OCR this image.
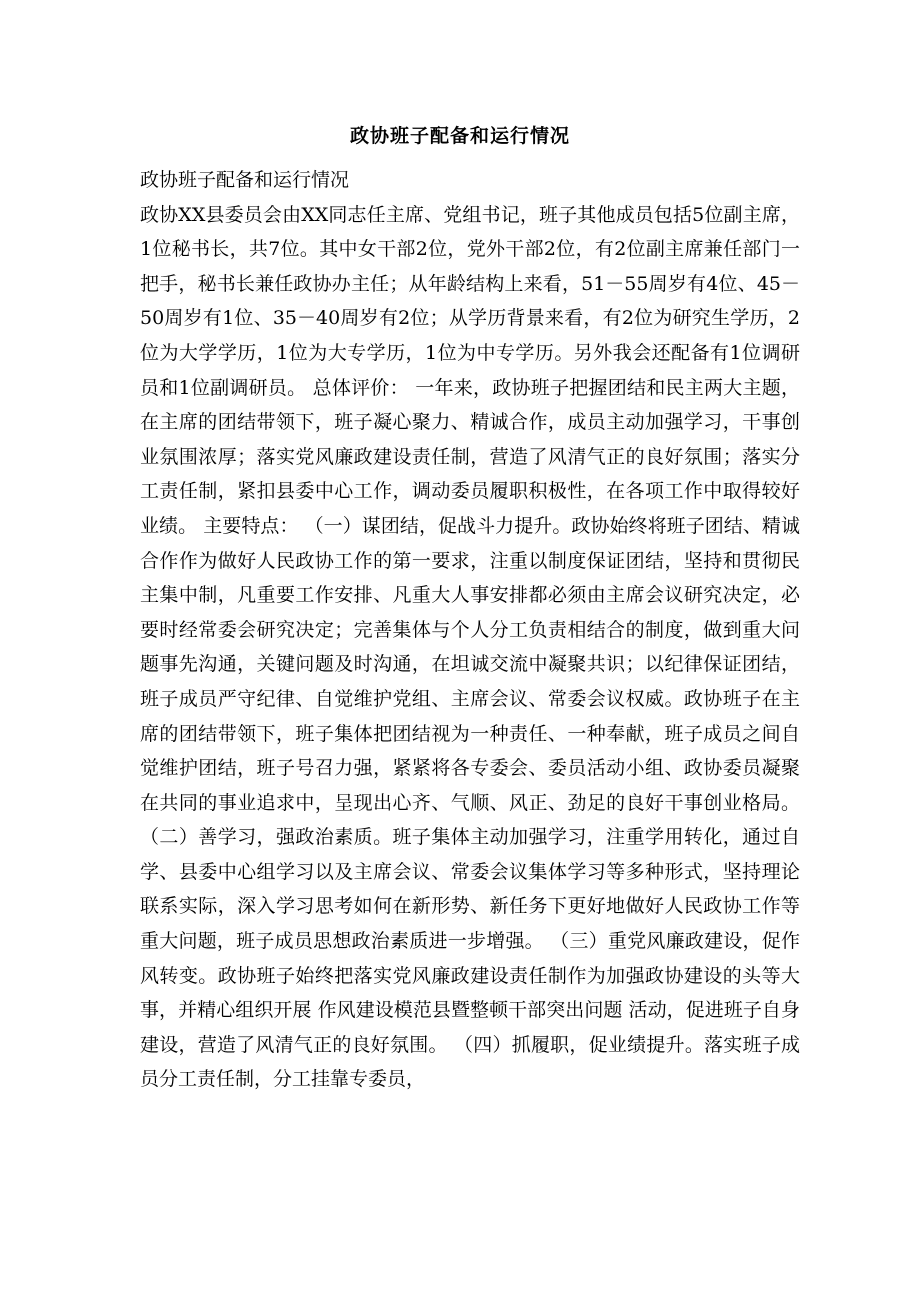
政协班子配备和运行情况

政协班子配备和运行情况

政协XX县委员会由XX同志任主席、党组书记，班子其他成员包括5位副主席，1位秘书长，共7位。其中女干部2位，党外干部2位，有2位副主席兼任部门一把手，秘书长兼任政协办主任；从年龄结构上来看，51－55周岁有4位、45－50周岁有1位、35－40周岁有2位；从学历背景来看，有2位为研究生学历，2位为大学学历，1位为大专学历，1位为中专学历。另外我会还配备有1位调研员和1位副调研员。 总体评价： 一年来，政协班子把握团结和民主两大主题，在主席的团结带领下，班子凝心聚力、精诚合作，成员主动加强学习，干事创业氛围浓厚；落实党风廉政建设责任制，营造了风清气正的良好氛围；落实分工责任制，紧扣县委中心工作，调动委员履职积极性，在各项工作中取得较好业绩。 主要特点： （一）谋团结，促战斗力提升。政协始终将班子团结、精诚合作作为做好人民政协工作的第一要求，注重以制度保证团结，坚持和贯彻民主集中制，凡重要工作安排、凡重大人事安排都必须由主席会议研究决定，必要时经常委会研究决定；完善集体与个人分工负责相结合的制度，做到重大问题事先沟通，关键问题及时沟通，在坦诚交流中凝聚共识；以纪律保证团结，班子成员严守纪律、自觉维护党组、主席会议、常委会议权威。政协班子在主席的团结带领下，班子集体把团结视为一种责任、一种奉献，班子成员之间自觉维护团结，班子号召力强，紧紧将各专委会、委员活动小组、政协委员凝聚在共同的事业追求中，呈现出心齐、气顺、风正、劲足的良好干事创业格局。 （二）善学习，强政治素质。班子集体主动加强学习，注重学用转化，通过自学、县委中心组学习以及主席会议、常委会议集体学习等多种形式，坚持理论联系实际，深入学习思考如何在新形势、新任务下更好地做好人民政协工作等重大问题，班子成员思想政治素质进一步增强。 （三）重党风廉政建设，促作风转变。政协班子始终把落实党风廉政建设责任制作为加强政协建设的头等大事，并精心组织开展 作风建设模范县暨整顿干部突出问题 活动，促进班子自身建设，营造了风清气正的良好氛围。 （四）抓履职，促业绩提升。落实班子成员分工责任制，分工挂靠专委员，
